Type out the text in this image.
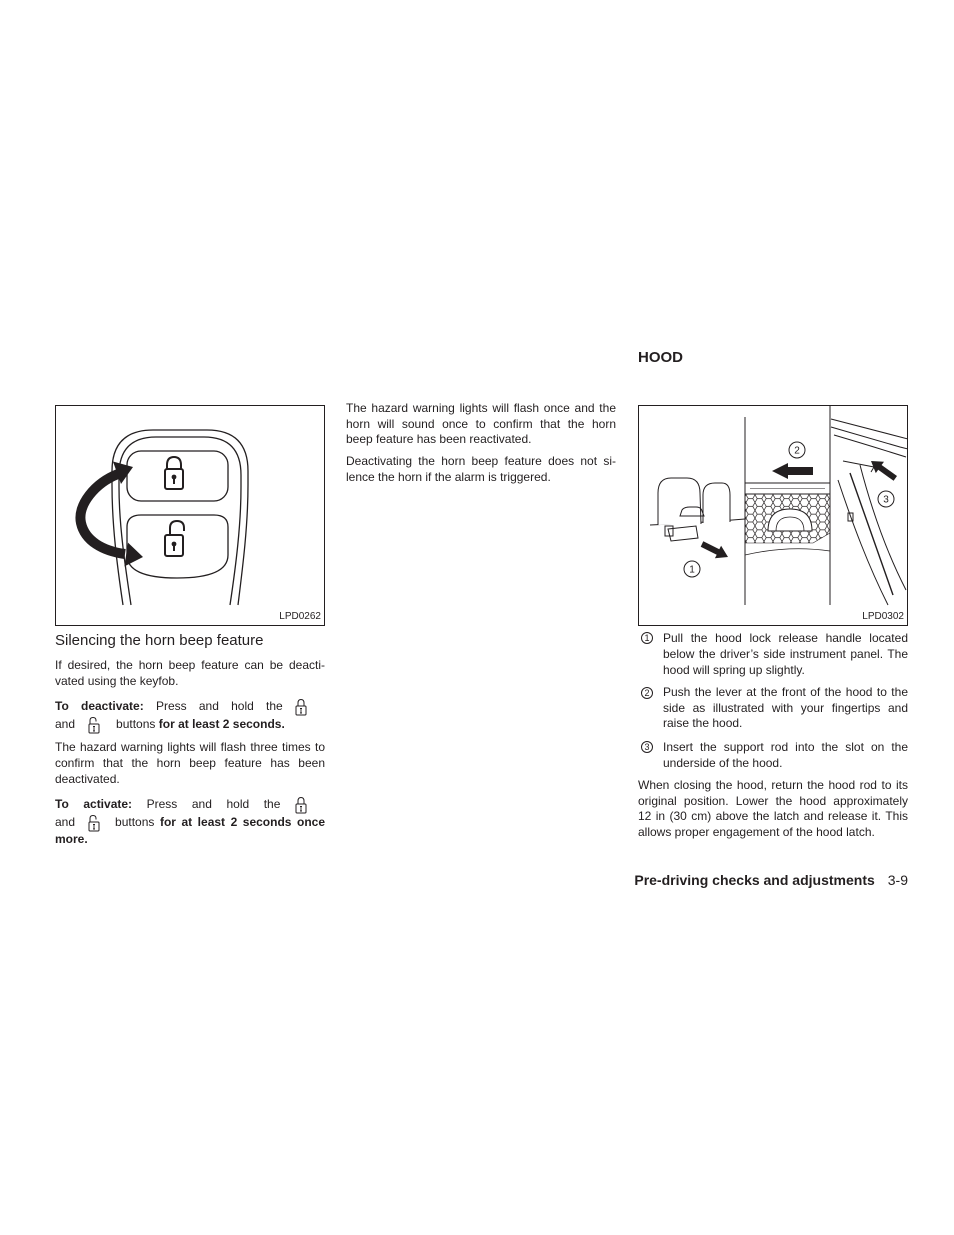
LPD0262
Silencing the horn beep feature
If desired, the horn beep feature can be deacti-
vated using the keyfob.
To deactivate: Press and hold the
and	buttons for at least 2 seconds.
The hazard warning lights will flash three times to
confirm that the horn beep feature has been
deactivated.
To activate: Press and hold the
and	buttons for at least 2 seconds once
more.
The hazard warning lights will flash once and the
horn will sound once to confirm that the horn
beep feature has been reactivated.
Deactivating the horn beep feature does not si-
lence the horn if the alarm is triggered.
HOOD
1
2
3
LPD0302
1 Pull the hood lock release handle located
below the driver’s side instrument panel. The
hood will spring up slightly.
2 Push the lever at the front of the hood to the
side as illustrated with your fingertips and
raise the hood.
3 Insert the support rod into the slot on the
underside of the hood.
When closing the hood, return the hood rod to its
original position. Lower the hood approximately
12 in (30 cm) above the latch and release it. This
allows proper engagement of the hood latch.
Pre-driving checks and adjustments 3-9
